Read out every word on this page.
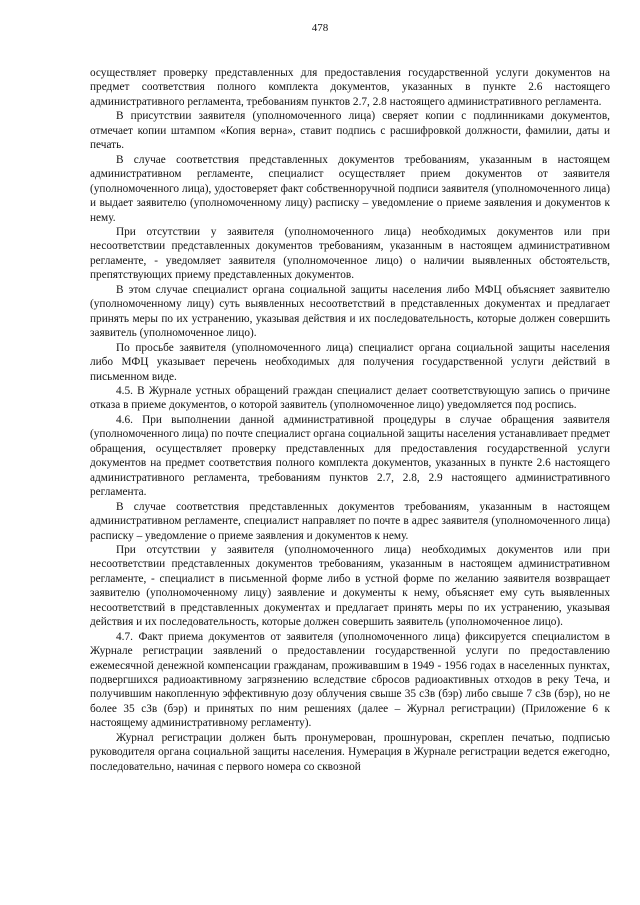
478

осуществляет проверку представленных для предоставления государственной услуги документов на предмет соответствия полного комплекта документов, указанных в пункте 2.6 настоящего административного регламента, требованиям пунктов 2.7, 2.8 настоящего административного регламента.

В присутствии заявителя (уполномоченного лица) сверяет копии с подлинниками документов, отмечает копии штампом «Копия верна», ставит подпись с расшифровкой должности, фамилии, даты и печать.

В случае соответствия представленных документов требованиям, указанным в настоящем административном регламенте, специалист осуществляет прием документов от заявителя (уполномоченного лица), удостоверяет факт собственноручной подписи заявителя (уполномоченного лица) и выдает заявителю (уполномоченному лицу) расписку – уведомление о приеме заявления и документов к нему.

При отсутствии у заявителя (уполномоченного лица) необходимых документов или при несоответствии представленных документов требованиям, указанным в настоящем административном регламенте, - уведомляет заявителя (уполномоченное лицо) о наличии выявленных обстоятельств, препятствующих приему представленных документов.

В этом случае специалист органа социальной защиты населения либо МФЦ объясняет заявителю (уполномоченному лицу) суть выявленных несоответствий в представленных документах и предлагает принять меры по их устранению, указывая действия и их последовательность, которые должен совершить заявитель (уполномоченное лицо).

По просьбе заявителя (уполномоченного лица) специалист органа социальной защиты населения либо МФЦ указывает перечень необходимых для получения государственной услуги действий в письменном виде.

4.5. В Журнале устных обращений граждан специалист делает соответствующую запись о причине отказа в приеме документов, о которой заявитель (уполномоченное лицо) уведомляется под роспись.

4.6. При выполнении данной административной процедуры в случае обращения заявителя (уполномоченного лица) по почте специалист органа социальной защиты населения устанавливает предмет обращения, осуществляет проверку представленных для предоставления государственной услуги документов на предмет соответствия полного комплекта документов, указанных в пункте 2.6 настоящего административного регламента, требованиям пунктов 2.7, 2.8, 2.9 настоящего административного регламента.

В случае соответствия представленных документов требованиям, указанным в настоящем административном регламенте, специалист направляет по почте в адрес заявителя (уполномоченного лица) расписку – уведомление о приеме заявления и документов к нему.

При отсутствии у заявителя (уполномоченного лица) необходимых документов или при несоответствии представленных документов требованиям, указанным в настоящем административном регламенте, - специалист в письменной форме либо в устной форме по желанию заявителя возвращает заявителю (уполномоченному лицу) заявление и документы к нему, объясняет ему суть выявленных несоответствий в представленных документах и предлагает принять меры по их устранению, указывая действия и их последовательность, которые должен совершить заявитель (уполномоченное лицо).

4.7. Факт приема документов от заявителя (уполномоченного лица) фиксируется специалистом в Журнале регистрации заявлений о предоставлении государственной услуги по предоставлению ежемесячной денежной компенсации гражданам, проживавшим в 1949 - 1956 годах в населенных пунктах, подвергшихся радиоактивному загрязнению вследствие сбросов радиоактивных отходов в реку Теча, и получившим накопленную эффективную дозу облучения свыше 35 сЗв (бэр) либо свыше 7 сЗв (бэр), но не более 35 сЗв (бэр) и принятых по ним решениях (далее – Журнал регистрации) (Приложение 6 к настоящему административному регламенту).

Журнал регистрации должен быть пронумерован, прошнурован, скреплен печатью, подписью руководителя органа социальной защиты населения. Нумерация в Журнале регистрации ведется ежегодно, последовательно, начиная с первого номера со сквозной
